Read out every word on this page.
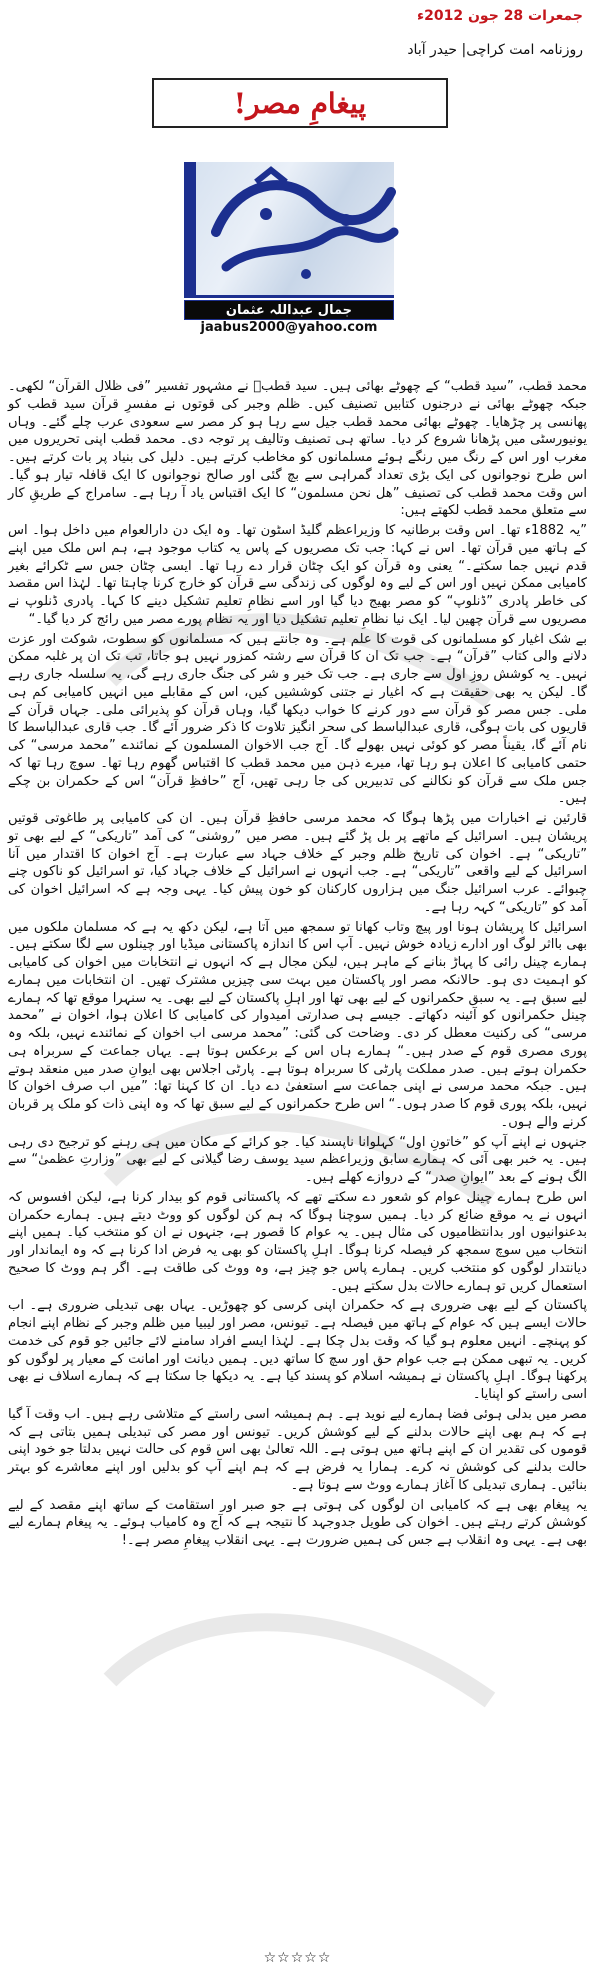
جمعرات 28 جون 2012ء
روزنامہ امت کراچی| حیدر آباد
پیغامِ مصر!
جمال عبداللہ عثمان
jaabus2000@yahoo.com

محمد قطب، ”سید قطب“ کے چھوٹے بھائی ہیں۔ سید قطبؒ نے مشہور تفسیر ”فی ظلال القرآن“ لکھی۔ جبکہ چھوٹے بھائی نے درجنوں کتابیں تصنیف کیں۔ ظلم وجبر کی قوتوں نے مفسرِ قرآن سید قطب کو پھانسی پر چڑھایا۔ چھوٹے بھائی محمد قطب جیل سے رہا ہو کر مصر سے سعودی عرب چلے گئے۔ وہاں یونیورسٹی میں پڑھانا شروع کر دیا۔ ساتھ ہی تصنیف وتالیف پر توجہ دی۔ محمد قطب اپنی تحریروں میں مغرب اور اس کے رنگ میں رنگے ہوئے مسلمانوں کو مخاطب کرتے ہیں۔ دلیل کی بنیاد پر بات کرتے ہیں۔ اس طرح نوجوانوں کی ایک بڑی تعداد گمراہی سے بچ گئی اور صالح نوجوانوں کا ایک قافلہ تیار ہو گیا۔ اس وقت محمد قطب کی تصنیف ”ھل نحن مسلمون“ کا ایک اقتباس یاد آ رہا ہے۔ سامراج کے طریقِ کار سے متعلق محمد قطب لکھتے ہیں:

”یہ 1882ء تھا۔ اس وقت برطانیہ کا وزیراعظم گلیڈ اسٹون تھا۔ وہ ایک دن دارالعوام میں داخل ہوا۔ اس کے ہاتھ میں قرآن تھا۔ اس نے کہا: جب تک مصریوں کے پاس یہ کتاب موجود ہے، ہم اس ملک میں اپنے قدم نہیں جما سکتے۔“ یعنی وہ قرآن کو ایک چٹان قرار دے رہا تھا۔ ایسی چٹان جس سے ٹکرائے بغیر کامیابی ممکن نہیں اور اس کے لیے وہ لوگوں کی زندگی سے قرآن کو خارج کرنا چاہتا تھا۔ لہٰذا اس مقصد کی خاطر پادری ”ڈنلوپ“ کو مصر بھیج دیا گیا اور اسے نظامِ تعلیم تشکیل دینے کا کہا۔ پادری ڈنلوپ نے مصریوں سے قرآن چھین لیا۔ ایک نیا نظامِ تعلیم تشکیل دیا اور یہ نظام پورے مصر میں رائج کر دیا گیا۔“

بے شک اغیار کو مسلمانوں کی قوت کا علم ہے۔ وہ جانتے ہیں کہ مسلمانوں کو سطوت، شوکت اور عزت دلانے والی کتاب ”قرآن“ ہے۔ جب تک ان کا قرآن سے رشتہ کمزور نہیں ہو جاتا، تب تک ان پر غلبہ ممکن نہیں۔ یہ کوشش روزِ اول سے جاری ہے۔ جب تک خیر و شر کی جنگ جاری رہے گی، یہ سلسلہ جاری رہے گا۔ لیکن یہ بھی حقیقت ہے کہ اغیار نے جتنی کوششیں کیں، اس کے مقابلے میں انہیں کامیابی کم ہی ملی۔ جس مصر کو قرآن سے دور کرنے کا خواب دیکھا گیا، وہاں قرآن کو پذیرائی ملی۔ جہاں قرآن کے قاریوں کی بات ہوگی، قاری عبدالباسط کی سحر انگیز تلاوت کا ذکر ضرور آئے گا۔ جب قاری عبدالباسط کا نام آئے گا، یقیناً مصر کو کوئی نہیں بھولے گا۔ آج جب الاخوان المسلمون کے نمائندے ”محمد مرسی“ کی حتمی کامیابی کا اعلان ہو رہا تھا، میرے ذہن میں محمد قطب کا اقتباس گھوم رہا تھا۔ سوچ رہا تھا کہ جس ملک سے قرآن کو نکالنے کی تدبیریں کی جا رہی تھیں، آج ”حافظِ قرآن“ اس کے حکمران بن چکے ہیں۔

قارئین نے اخبارات میں پڑھا ہوگا کہ محمد مرسی حافظِ قرآن ہیں۔ ان کی کامیابی پر طاغوتی قوتیں پریشان ہیں۔ اسرائیل کے ماتھے پر بل پڑ گئے ہیں۔ مصر میں ”روشنی“ کی آمد ”تاریکی“ کے لیے بھی تو ”تاریکی“ ہے۔ اخوان کی تاریخ ظلم وجبر کے خلاف جہاد سے عبارت ہے۔ آج اخوان کا اقتدار میں آنا اسرائیل کے لیے واقعی ”تاریکی“ ہے۔ جب انہوں نے اسرائیل کے خلاف جہاد کیا، تو اسرائیل کو ناکوں چنے چبوائے۔ عرب اسرائیل جنگ میں ہزاروں کارکنان کو خون پیش کیا۔ یہی وجہ ہے کہ اسرائیل اخوان کی آمد کو ”تاریکی“ کہہ رہا ہے۔

اسرائیل کا پریشان ہونا اور پیچ وتاب کھانا تو سمجھ میں آتا ہے، لیکن دکھ یہ ہے کہ مسلمان ملکوں میں بھی بااثر لوگ اور ادارے زیادہ خوش نہیں۔ آپ اس کا اندازہ پاکستانی میڈیا اور چینلوں سے لگا سکتے ہیں۔ ہمارے چینل رائی کا پہاڑ بنانے کے ماہر ہیں، لیکن مجال ہے کہ انہوں نے انتخابات میں اخوان کی کامیابی کو اہمیت دی ہو۔ حالانکہ مصر اور پاکستان میں بہت سی چیزیں مشترک تھیں۔ ان انتخابات میں ہمارے لیے سبق ہے۔ یہ سبق حکمرانوں کے لیے بھی تھا اور اہلِ پاکستان کے لیے بھی۔ یہ سنہرا موقع تھا کہ ہمارے چینل حکمرانوں کو آئینہ دکھاتے۔ جیسے ہی صدارتی امیدوار کی کامیابی کا اعلان ہوا، اخوان نے ”محمد مرسی“ کی رکنیت معطل کر دی۔ وضاحت کی گئی: ”محمد مرسی اب اخوان کے نمائندے نہیں، بلکہ وہ پوری مصری قوم کے صدر ہیں۔“ ہمارے ہاں اس کے برعکس ہوتا ہے۔ یہاں جماعت کے سربراہ ہی حکمران ہوتے ہیں۔ صدر مملکت پارٹی کا سربراہ ہوتا ہے۔ پارٹی اجلاس بھی ایوانِ صدر میں منعقد ہوتے ہیں۔ جبکہ محمد مرسی نے اپنی جماعت سے استعفیٰ دے دیا۔ ان کا کہنا تھا: ”میں اب صرف اخوان کا نہیں، بلکہ پوری قوم کا صدر ہوں۔“ اس طرح حکمرانوں کے لیے سبق تھا کہ وہ اپنی ذات کو ملک پر قربان کرنے والے ہوں۔

جنہوں نے اپنے آپ کو ”خاتونِ اول“ کہلوانا ناپسند کیا۔ جو کرائے کے مکان میں ہی رہنے کو ترجیح دی رہی ہیں۔ یہ خبر بھی آئی کہ ہمارے سابق وزیراعظم سید یوسف رضا گیلانی کے لیے بھی ”وزارتِ عظمیٰ“ سے الگ ہونے کے بعد ”ایوانِ صدر“ کے دروازے کھلے ہیں۔

اس طرح ہمارے چینل عوام کو شعور دے سکتے تھے کہ پاکستانی قوم کو بیدار کرنا ہے، لیکن افسوس کہ انہوں نے یہ موقع ضائع کر دیا۔ ہمیں سوچنا ہوگا کہ ہم کن لوگوں کو ووٹ دیتے ہیں۔ ہمارے حکمران بدعنوانیوں اور بدانتظامیوں کی مثال ہیں۔ یہ عوام کا قصور ہے، جنہوں نے ان کو منتخب کیا۔ ہمیں اپنے انتخاب میں سوچ سمجھ کر فیصلہ کرنا ہوگا۔ اہلِ پاکستان کو بھی یہ فرض ادا کرنا ہے کہ وہ ایماندار اور دیانتدار لوگوں کو منتخب کریں۔ ہمارے پاس جو چیز ہے، وہ ووٹ کی طاقت ہے۔ اگر ہم ووٹ کا صحیح استعمال کریں تو ہمارے حالات بدل سکتے ہیں۔

پاکستان کے لیے بھی ضروری ہے کہ حکمران اپنی کرسی کو چھوڑیں۔ یہاں بھی تبدیلی ضروری ہے۔ اب حالات ایسے ہیں کہ عوام کے ہاتھ میں فیصلہ ہے۔ تیونس، مصر اور لیبیا میں ظلم وجبر کے نظام اپنے انجام کو پہنچے۔ انہیں معلوم ہو گیا کہ وقت بدل چکا ہے۔ لہٰذا ایسے افراد سامنے لائے جائیں جو قوم کی خدمت کریں۔ یہ تبھی ممکن ہے جب عوام حق اور سچ کا ساتھ دیں۔ ہمیں دیانت اور امانت کے معیار پر لوگوں کو پرکھنا ہوگا۔ اہلِ پاکستان نے ہمیشہ اسلام کو پسند کیا ہے۔ یہ دیکھا جا سکتا ہے کہ ہمارے اسلاف نے بھی اسی راستے کو اپنایا۔

مصر میں بدلی ہوئی فضا ہمارے لیے نوید ہے۔ ہم ہمیشہ اسی راستے کے متلاشی رہے ہیں۔ اب وقت آ گیا ہے کہ ہم بھی اپنے حالات بدلنے کے لیے کوشش کریں۔ تیونس اور مصر کی تبدیلی ہمیں بتاتی ہے کہ قوموں کی تقدیر ان کے اپنے ہاتھ میں ہوتی ہے۔ اللہ تعالیٰ بھی اس قوم کی حالت نہیں بدلتا جو خود اپنی حالت بدلنے کی کوشش نہ کرے۔ ہمارا یہ فرض ہے کہ ہم اپنے آپ کو بدلیں اور اپنے معاشرے کو بہتر بنائیں۔ ہماری تبدیلی کا آغاز ہمارے ووٹ سے ہوتا ہے۔

یہ پیغام بھی ہے کہ کامیابی ان لوگوں کی ہوتی ہے جو صبر اور استقامت کے ساتھ اپنے مقصد کے لیے کوشش کرتے رہتے ہیں۔ اخوان کی طویل جدوجہد کا نتیجہ ہے کہ آج وہ کامیاب ہوئے۔ یہ پیغام ہمارے لیے بھی ہے۔ یہی وہ انقلاب ہے جس کی ہمیں ضرورت ہے۔ یہی انقلاب پیغامِ مصر ہے۔!

☆☆☆☆☆
